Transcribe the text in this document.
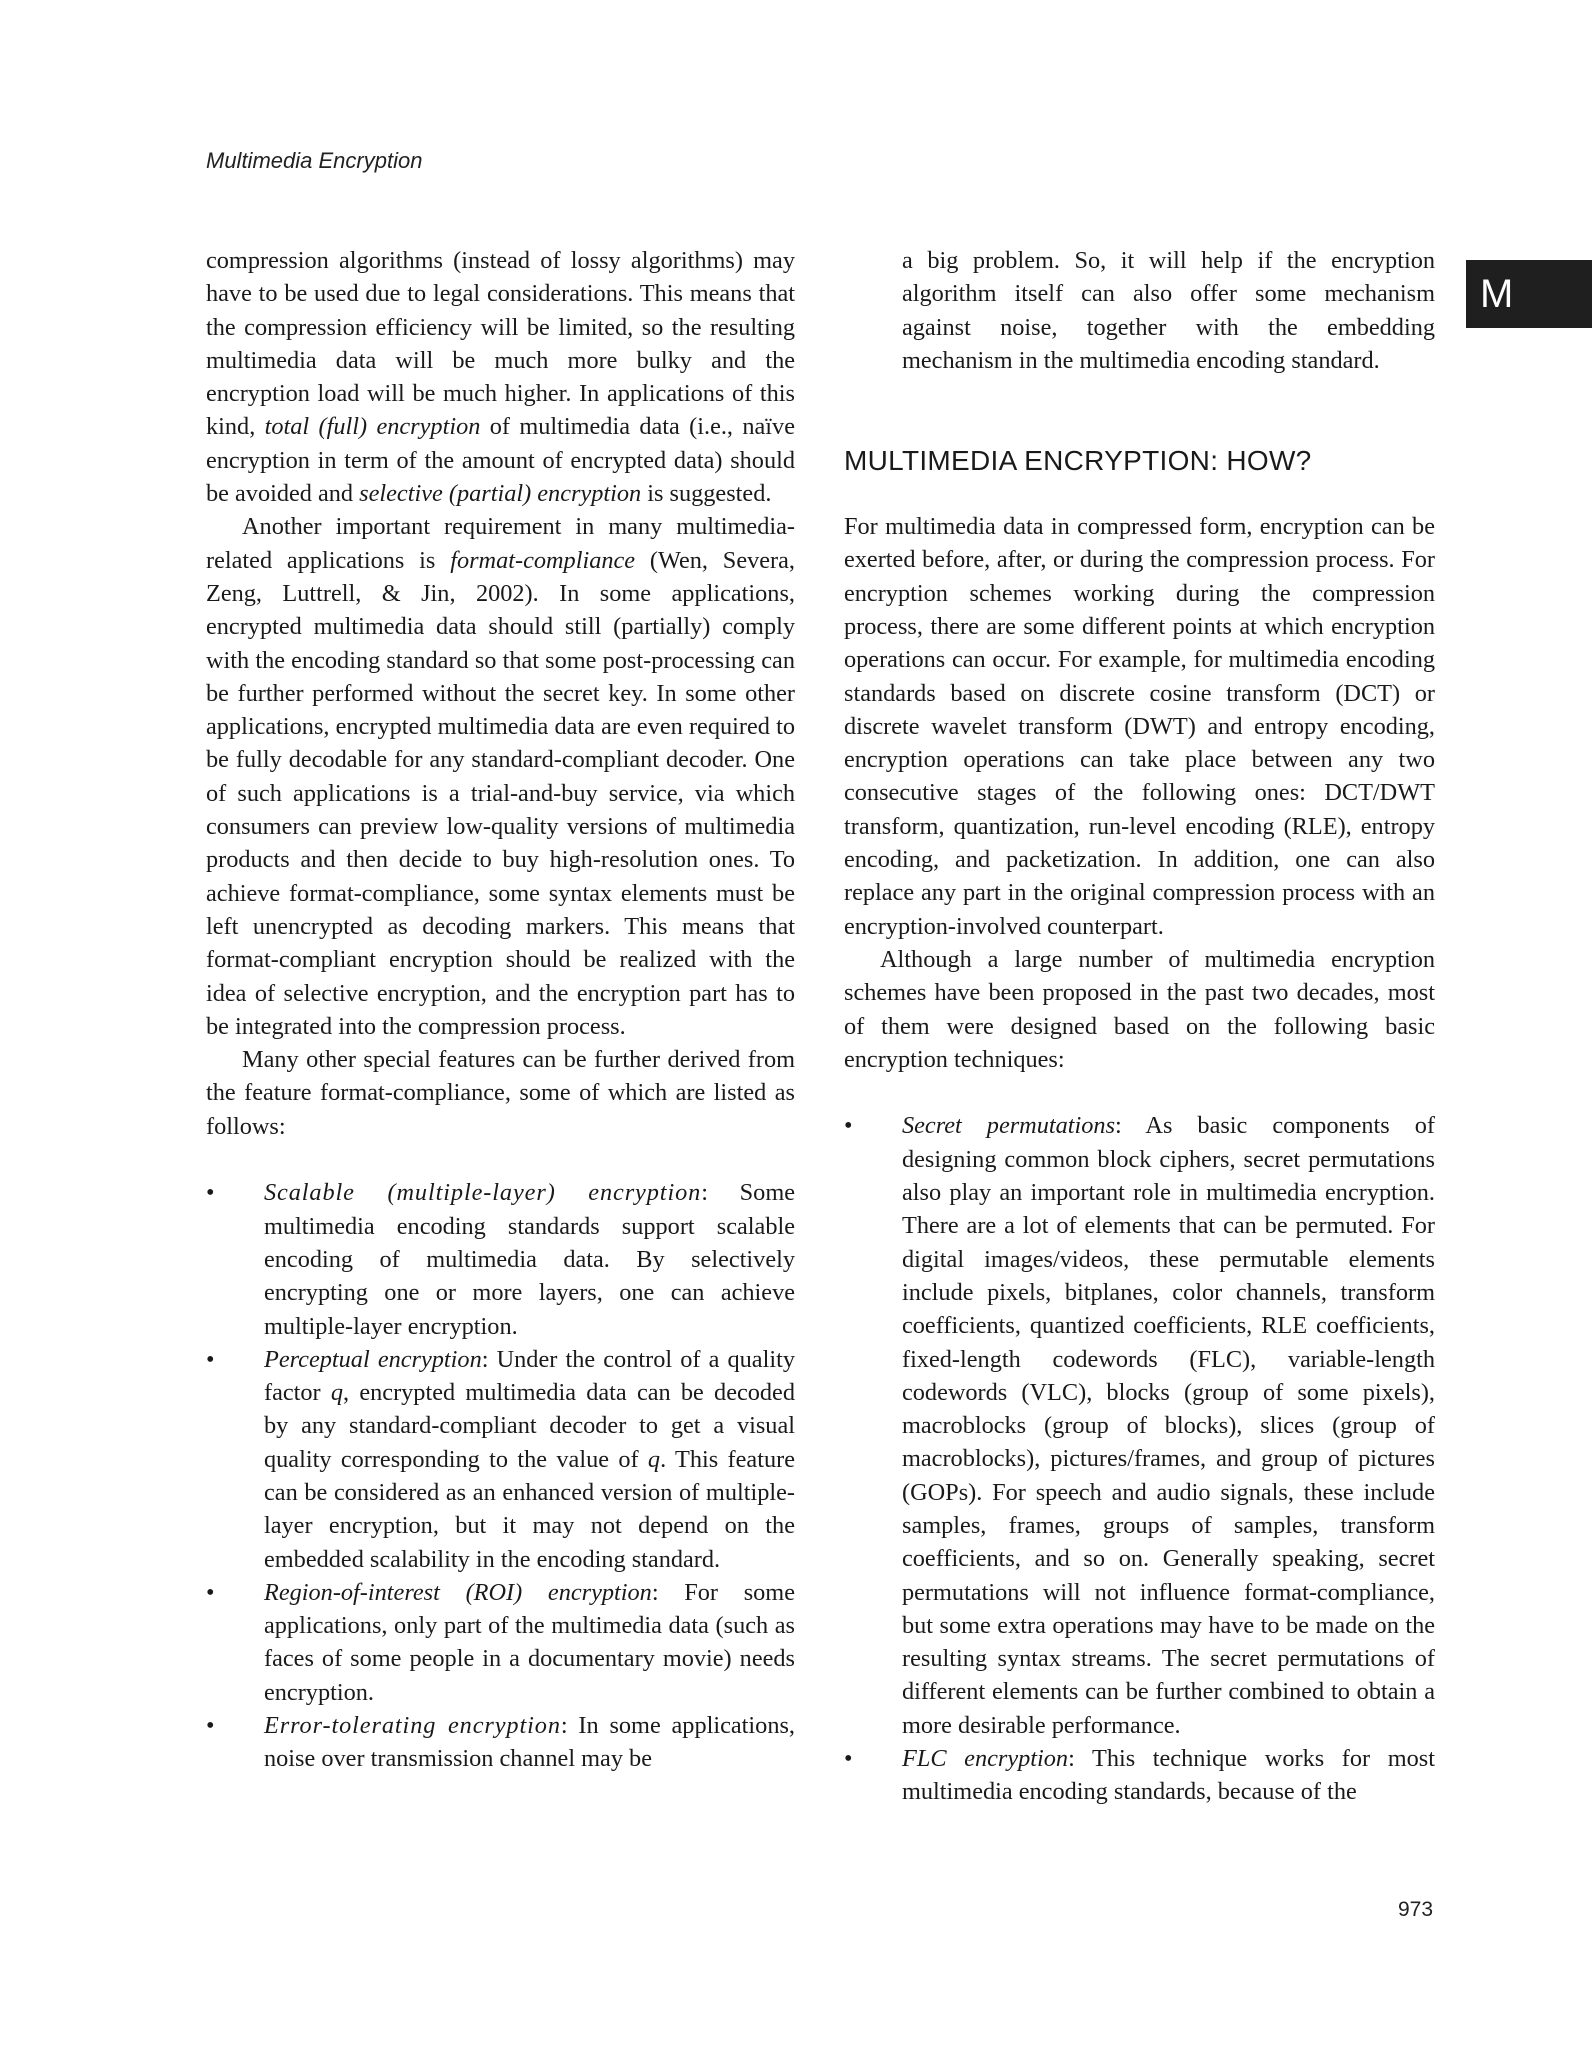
Multimedia Encryption
M

compression algorithms (instead of lossy algorithms) may have to be used due to legal considerations. This means that the compression efficiency will be limited, so the resulting multimedia data will be much more bulky and the encryption load will be much higher. In applications of this kind, total (full) encryption of multimedia data (i.e., naïve encryption in term of the amount of encrypted data) should be avoided and selective (partial) encryption is suggested.

Another important requirement in many multimedia-related applications is format-compliance (Wen, Severa, Zeng, Luttrell, & Jin, 2002). In some applications, encrypted multimedia data should still (partially) comply with the encoding standard so that some post-processing can be further performed without the secret key. In some other applications, encrypted multimedia data are even required to be fully decodable for any standard-compliant decoder. One of such applications is a trial-and-buy service, via which consumers can preview low-quality versions of multimedia products and then decide to buy high-resolution ones. To achieve format-compliance, some syntax elements must be left unencrypted as decoding markers. This means that format-compliant encryption should be realized with the idea of selective encryption, and the encryption part has to be integrated into the compression process.

Many other special features can be further derived from the feature format-compliance, some of which are listed as follows:

• Scalable (multiple-layer) encryption: Some multimedia encoding standards support scalable encoding of multimedia data. By selectively encrypting one or more layers, one can achieve multiple-layer encryption.
• Perceptual encryption: Under the control of a quality factor q, encrypted multimedia data can be decoded by any standard-compliant decoder to get a visual quality corresponding to the value of q. This feature can be considered as an enhanced version of multiple-layer encryption, but it may not depend on the embedded scalability in the encoding standard.
• Region-of-interest (ROI) encryption: For some applications, only part of the multimedia data (such as faces of some people in a documentary movie) needs encryption.
• Error-tolerating encryption: In some applications, noise over transmission channel may be

a big problem. So, it will help if the encryption algorithm itself can also offer some mechanism against noise, together with the embedding mechanism in the multimedia encoding standard.

MULTIMEDIA ENCRYPTION: HOW?

For multimedia data in compressed form, encryption can be exerted before, after, or during the compression process. For encryption schemes working during the compression process, there are some different points at which encryption operations can occur. For example, for multimedia encoding standards based on discrete cosine transform (DCT) or discrete wavelet transform (DWT) and entropy encoding, encryption operations can take place between any two consecutive stages of the following ones: DCT/DWT transform, quantization, run-level encoding (RLE), entropy encoding, and packetization. In addition, one can also replace any part in the original compression process with an encryption-involved counterpart.

Although a large number of multimedia encryption schemes have been proposed in the past two decades, most of them were designed based on the following basic encryption techniques:

• Secret permutations: As basic components of designing common block ciphers, secret permutations also play an important role in multimedia encryption. There are a lot of elements that can be permuted. For digital images/videos, these permutable elements include pixels, bitplanes, color channels, transform coefficients, quantized coefficients, RLE coefficients, fixed-length codewords (FLC), variable-length codewords (VLC), blocks (group of some pixels), macroblocks (group of blocks), slices (group of macroblocks), pictures/frames, and group of pictures (GOPs). For speech and audio signals, these include samples, frames, groups of samples, transform coefficients, and so on. Generally speaking, secret permutations will not influence format-compliance, but some extra operations may have to be made on the resulting syntax streams. The secret permutations of different elements can be further combined to obtain a more desirable performance.
• FLC encryption: This technique works for most multimedia encoding standards, because of the
973
